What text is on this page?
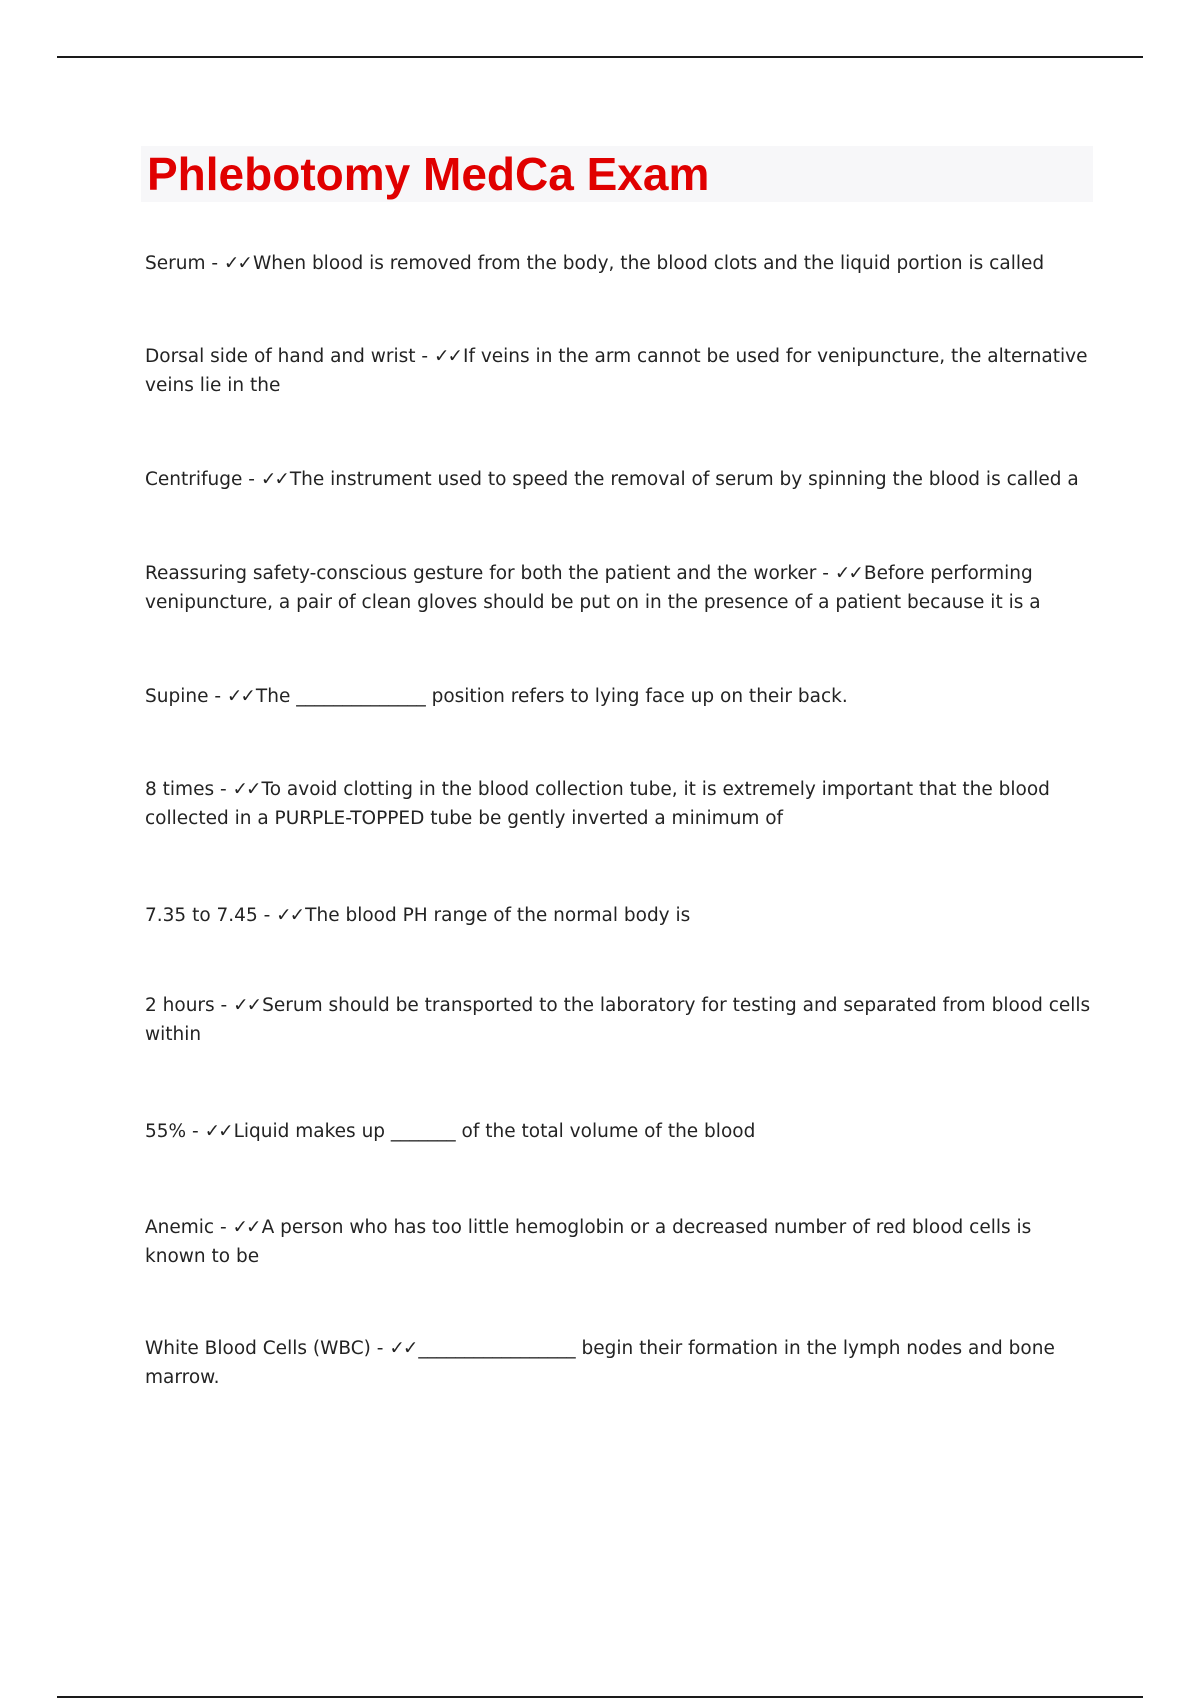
Phlebotomy MedCa Exam
Serum - ✓✓ When blood is removed from the body, the blood clots and the liquid portion is called
Dorsal side of hand and wrist - ✓✓ If veins in the arm cannot be used for venipuncture, the alternative veins lie in the
Centrifuge - ✓✓ The instrument used to speed the removal of serum by spinning the blood is called a
Reassuring safety-conscious gesture for both the patient and the worker - ✓✓ Before performing venipuncture, a pair of clean gloves should be put on in the presence of a patient because it is a
Supine - ✓✓ The ______________ position refers to lying face up on their back.
8 times - ✓✓ To avoid clotting in the blood collection tube, it is extremely important that the blood collected in a PURPLE-TOPPED tube be gently inverted a minimum of
7.35 to 7.45 - ✓✓ The blood PH range of the normal body is
2 hours - ✓✓ Serum should be transported to the laboratory for testing and separated from blood cells within
55% - ✓✓ Liquid makes up _______ of the total volume of the blood
Anemic - ✓✓ A person who has too little hemoglobin or a decreased number of red blood cells is known to be
White Blood Cells (WBC) - ✓✓ _________________ begin their formation in the lymph nodes and bone marrow.
